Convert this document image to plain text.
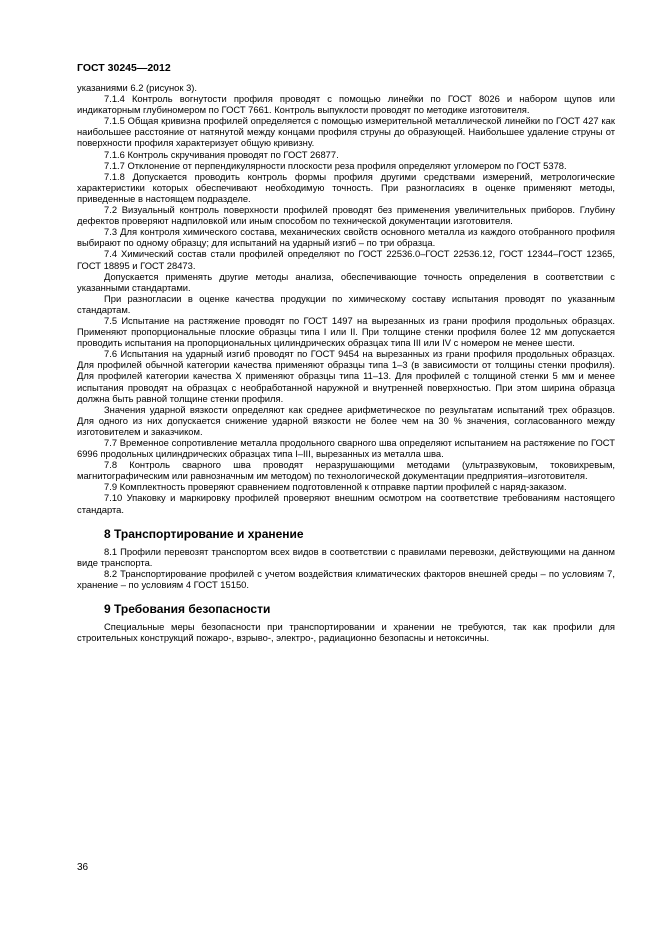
ГОСТ 30245—2012

указаниями 6.2 (рисунок 3).

7.1.4 Контроль вогнутости профиля проводят с помощью линейки по ГОСТ 8026 и набором щупов или индикаторным глубиномером по ГОСТ 7661. Контроль выпуклости проводят по методике изготовителя.

7.1.5 Общая кривизна профилей определяется с помощью измерительной металлической линейки по ГОСТ 427 как наибольшее расстояние от натянутой между концами профиля струны до образующей. Наибольшее удаление струны от поверхности профиля характеризует общую кривизну.

7.1.6 Контроль скручивания проводят по ГОСТ 26877.

7.1.7 Отклонение от перпендикулярности плоскости реза профиля определяют угломером по ГОСТ 5378.

7.1.8 Допускается проводить контроль формы профиля другими средствами измерений, метрологические характеристики которых обеспечивают необходимую точность. При разногласиях в оценке применяют методы, приведенные в настоящем подразделе.

7.2 Визуальный контроль поверхности профилей проводят без применения увеличительных приборов. Глубину дефектов проверяют надпиловкой или иным способом по технической документации изготовителя.

7.3 Для контроля химического состава, механических свойств основного металла из каждого отобранного профиля выбирают по одному образцу; для испытаний на ударный изгиб – по три образца.

7.4 Химический состав стали профилей определяют по ГОСТ 22536.0–ГОСТ 22536.12, ГОСТ 12344–ГОСТ 12365, ГОСТ 18895 и ГОСТ 28473.

Допускается применять другие методы анализа, обеспечивающие точность определения в соответствии с указанными стандартами.

При разногласии в оценке качества продукции по химическому составу испытания проводят по указанным стандартам.

7.5 Испытание на растяжение проводят по ГОСТ 1497 на вырезанных из грани профиля продольных образцах. Применяют пропорциональные плоские образцы типа I или II. При толщине стенки профиля более 12 мм допускается проводить испытания на пропорциональных цилиндрических образцах типа III или IV с номером не менее шести.

7.6 Испытания на ударный изгиб проводят по ГОСТ 9454 на вырезанных из грани профиля продольных образцах. Для профилей обычной категории качества применяют образцы типа 1–3 (в зависимости от толщины стенки профиля). Для профилей категории качества Х применяют образцы типа 11–13. Для профилей с толщиной стенки 5 мм и менее испытания проводят на образцах с необработанной наружной и внутренней поверхностью. При этом ширина образца должна быть равной толщине стенки профиля.

Значения ударной вязкости определяют как среднее арифметическое по результатам испытаний трех образцов. Для одного из них допускается снижение ударной вязкости не более чем на 30 % значения, согласованного между изготовителем и заказчиком.

7.7 Временное сопротивление металла продольного сварного шва определяют испытанием на растяжение по ГОСТ 6996 продольных цилиндрических образцах типа I–III, вырезанных из металла шва.

7.8 Контроль сварного шва проводят неразрушающими методами (ультразвуковым, токовихревым, магнитографическим или равнозначным им методом) по технологической документации предприятия–изготовителя.

7.9 Комплектность проверяют сравнением подготовленной к отправке партии профилей с наряд-заказом.

7.10 Упаковку и маркировку профилей проверяют внешним осмотром на соответствие требованиям настоящего стандарта.

8 Транспортирование и хранение

8.1 Профили перевозят транспортом всех видов в соответствии с правилами перевозки, действующими на данном виде транспорта.

8.2 Транспортирование профилей с учетом воздействия климатических факторов внешней среды – по условиям 7, хранение – по условиям 4 ГОСТ 15150.

9 Требования безопасности

Специальные меры безопасности при транспортировании и хранении не требуются, так как профили для строительных конструкций пожаро-, взрыво-, электро-, радиационно безопасны и нетоксичны.

36
